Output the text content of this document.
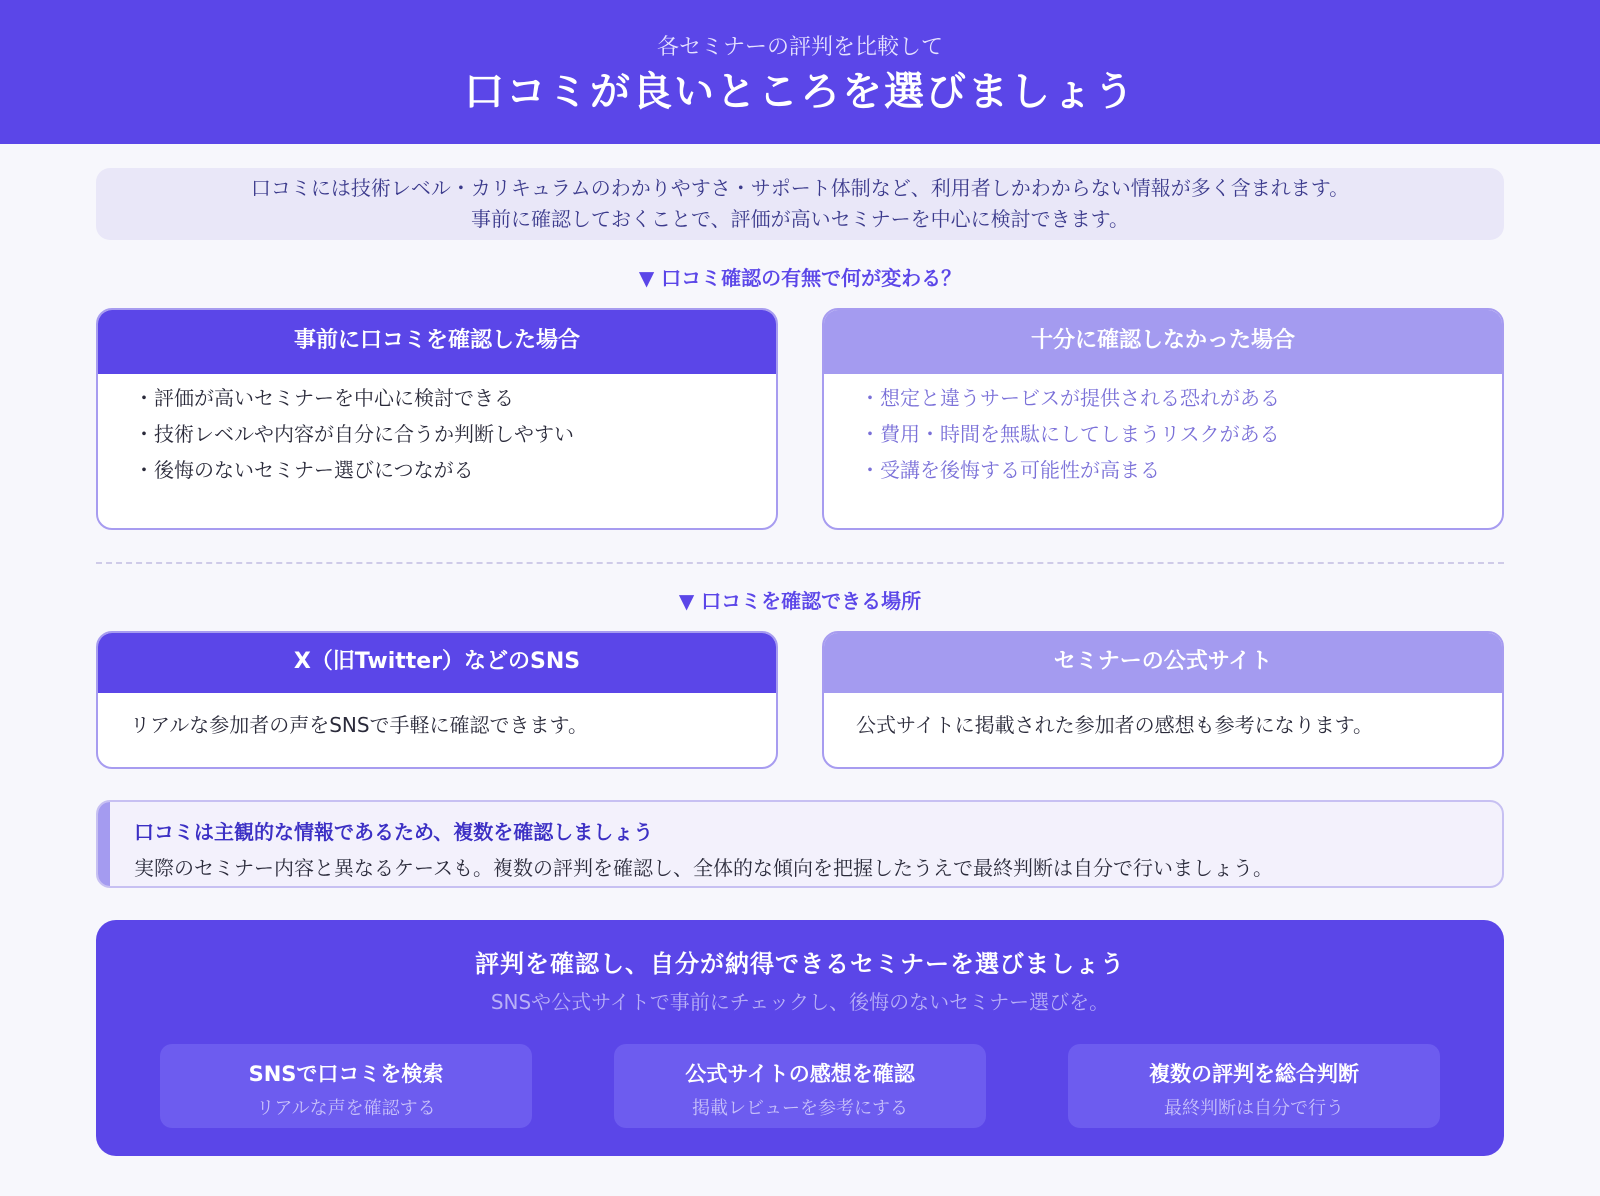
各セミナーの評判を比較して
口コミが良いところを選びましょう
口コミには技術レベル・カリキュラムのわかりやすさ・サポート体制など、利用者しかわからない情報が多く含まれます。
事前に確認しておくことで、評価が高いセミナーを中心に検討できます。
▼ 口コミ確認の有無で何が変わる？
事前に口コミを確認した場合
・評価が高いセミナーを中心に検討できる
・技術レベルや内容が自分に合うか判断しやすい
・後悔のないセミナー選びにつながる
十分に確認しなかった場合
・想定と違うサービスが提供される恐れがある
・費用・時間を無駄にしてしまうリスクがある
・受講を後悔する可能性が高まる
▼ 口コミを確認できる場所
X（旧Twitter）などのSNS
リアルな参加者の声をSNSで手軽に確認できます。
セミナーの公式サイト
公式サイトに掲載された参加者の感想も参考になります。
口コミは主観的な情報であるため、複数を確認しましょう
実際のセミナー内容と異なるケースも。複数の評判を確認し、全体的な傾向を把握したうえで最終判断は自分で行いましょう。
評判を確認し、自分が納得できるセミナーを選びましょう
SNSや公式サイトで事前にチェックし、後悔のないセミナー選びを。
SNSで口コミを検索
リアルな声を確認する
公式サイトの感想を確認
掲載レビューを参考にする
複数の評判を総合判断
最終判断は自分で行う
